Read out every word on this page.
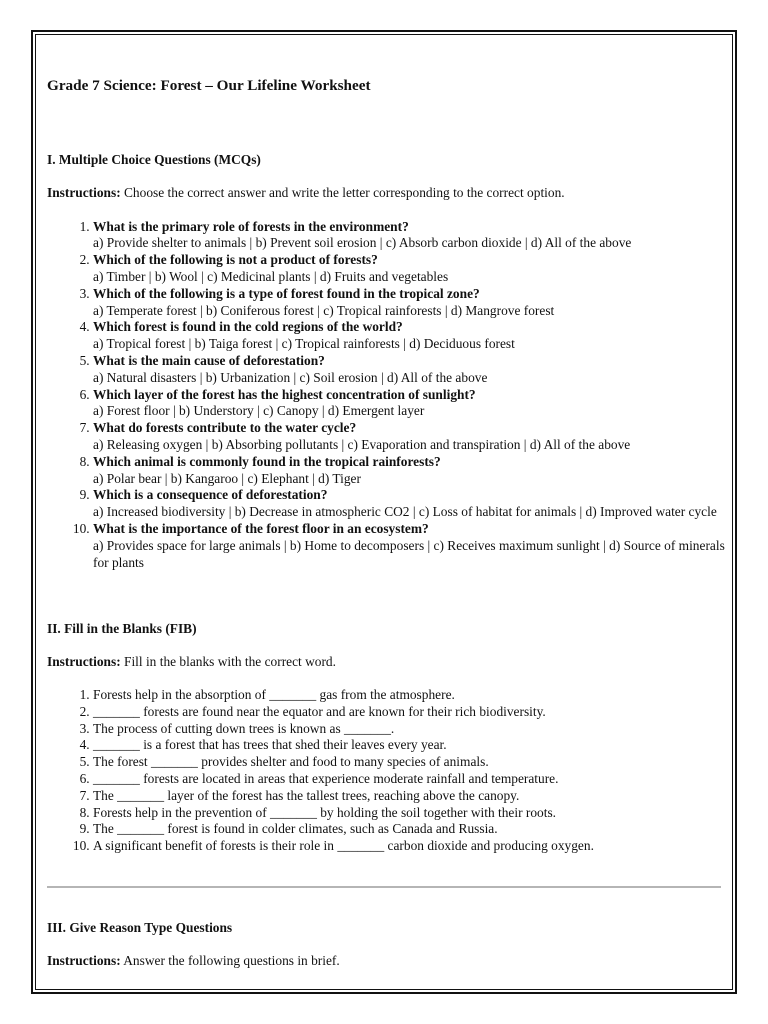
Grade 7 Science: Forest – Our Lifeline Worksheet
I. Multiple Choice Questions (MCQs)

Instructions: Choose the correct answer and write the letter corresponding to the correct option.

1. What is the primary role of forests in the environment?
a) Provide shelter to animals | b) Prevent soil erosion | c) Absorb carbon dioxide | d) All of the above
2. Which of the following is not a product of forests?
a) Timber | b) Wool | c) Medicinal plants | d) Fruits and vegetables
3. Which of the following is a type of forest found in the tropical zone?
a) Temperate forest | b) Coniferous forest | c) Tropical rainforests | d) Mangrove forest
4. Which forest is found in the cold regions of the world?
a) Tropical forest | b) Taiga forest | c) Tropical rainforests | d) Deciduous forest
5. What is the main cause of deforestation?
a) Natural disasters | b) Urbanization | c) Soil erosion | d) All of the above
6. Which layer of the forest has the highest concentration of sunlight?
a) Forest floor | b) Understory | c) Canopy | d) Emergent layer
7. What do forests contribute to the water cycle?
a) Releasing oxygen | b) Absorbing pollutants | c) Evaporation and transpiration | d) All of the above
8. Which animal is commonly found in the tropical rainforests?
a) Polar bear | b) Kangaroo | c) Elephant | d) Tiger
9. Which is a consequence of deforestation?
a) Increased biodiversity | b) Decrease in atmospheric CO2 | c) Loss of habitat for animals | d) Improved water cycle
10. What is the importance of the forest floor in an ecosystem?
a) Provides space for large animals | b) Home to decomposers | c) Receives maximum sunlight | d) Source of minerals for plants
II. Fill in the Blanks (FIB)

Instructions: Fill in the blanks with the correct word.

1. Forests help in the absorption of _______ gas from the atmosphere.
2. _______ forests are found near the equator and are known for their rich biodiversity.
3. The process of cutting down trees is known as _______.
4. _______ is a forest that has trees that shed their leaves every year.
5. The forest _______ provides shelter and food to many species of animals.
6. _______ forests are located in areas that experience moderate rainfall and temperature.
7. The _______ layer of the forest has the tallest trees, reaching above the canopy.
8. Forests help in the prevention of _______ by holding the soil together with their roots.
9. The _______ forest is found in colder climates, such as Canada and Russia.
10. A significant benefit of forests is their role in _______ carbon dioxide and producing oxygen.
III. Give Reason Type Questions

Instructions: Answer the following questions in brief.
